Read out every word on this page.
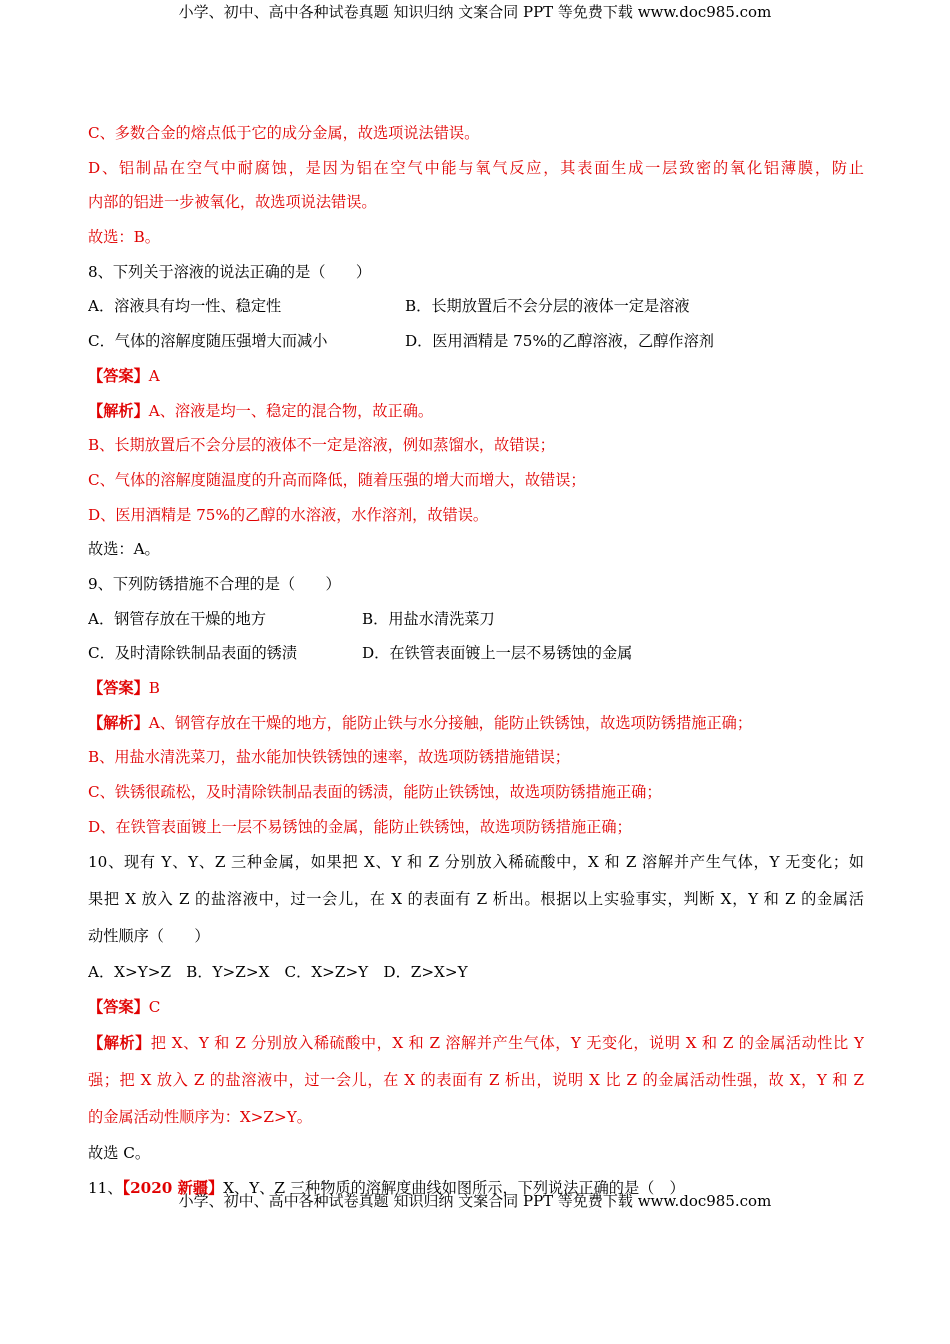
小学、初中、高中各种试卷真题 知识归纳 文案合同 PPT 等免费下载 www.doc985.com
C、多数合金的熔点低于它的成分金属，故选项说法错误。
D、铝制品在空气中耐腐蚀，是因为铝在空气中能与氧气反应，其表面生成一层致密的氧化铝薄膜，防止
内部的铝进一步被氧化，故选项说法错误。
故选：B。
8、下列关于溶液的说法正确的是（　　）
A．溶液具有均一性、稳定性	B．长期放置后不会分层的液体一定是溶液
C．气体的溶解度随压强增大而减小	D．医用酒精是 75%的乙醇溶液，乙醇作溶剂
【答案】A
【解析】A、溶液是均一、稳定的混合物，故正确。
B、长期放置后不会分层的液体不一定是溶液，例如蒸馏水，故错误；
C、气体的溶解度随温度的升高而降低，随着压强的增大而增大，故错误；
D、医用酒精是 75%的乙醇的水溶液，水作溶剂，故错误。
故选：A。
9、下列防锈措施不合理的是（　　）
A．钢管存放在干燥的地方	B．用盐水清洗菜刀
C．及时清除铁制品表面的锈渍	D．在铁管表面镀上一层不易锈蚀的金属
【答案】B
【解析】A、钢管存放在干燥的地方，能防止铁与水分接触，能防止铁锈蚀，故选项防锈措施正确；
B、用盐水清洗菜刀，盐水能加快铁锈蚀的速率，故选项防锈措施错误；
C、铁锈很疏松，及时清除铁制品表面的锈渍，能防止铁锈蚀，故选项防锈措施正确；
D、在铁管表面镀上一层不易锈蚀的金属，能防止铁锈蚀，故选项防锈措施正确；
10、现有 Y、Y、Z 三种金属，如果把 X、Y 和 Z 分别放入稀硫酸中，X 和 Z 溶解并产生气体，Y 无变化；如
果把 X 放入 Z 的盐溶液中，过一会儿，在 X 的表面有 Z 析出。根据以上实验事实，判断 X，Y 和 Z 的金属活
动性顺序（　　）
A．X>Y>Z　B．Y>Z>X　C．X>Z>Y　D．Z>X>Y
【答案】C
【解析】把 X、Y 和 Z 分别放入稀硫酸中，X 和 Z 溶解并产生气体，Y 无变化，说明 X 和 Z 的金属活动性比 Y
强；把 X 放入 Z 的盐溶液中，过一会儿，在 X 的表面有 Z 析出，说明 X 比 Z 的金属活动性强，故 X，Y 和 Z
的金属活动性顺序为：X>Z>Y。
故选 C。
11、【2020 新疆】X、Y、Z 三种物质的溶解度曲线如图所示，下列说法正确的是（　）
小学、初中、高中各种试卷真题 知识归纳 文案合同 PPT 等免费下载 www.doc985.com
